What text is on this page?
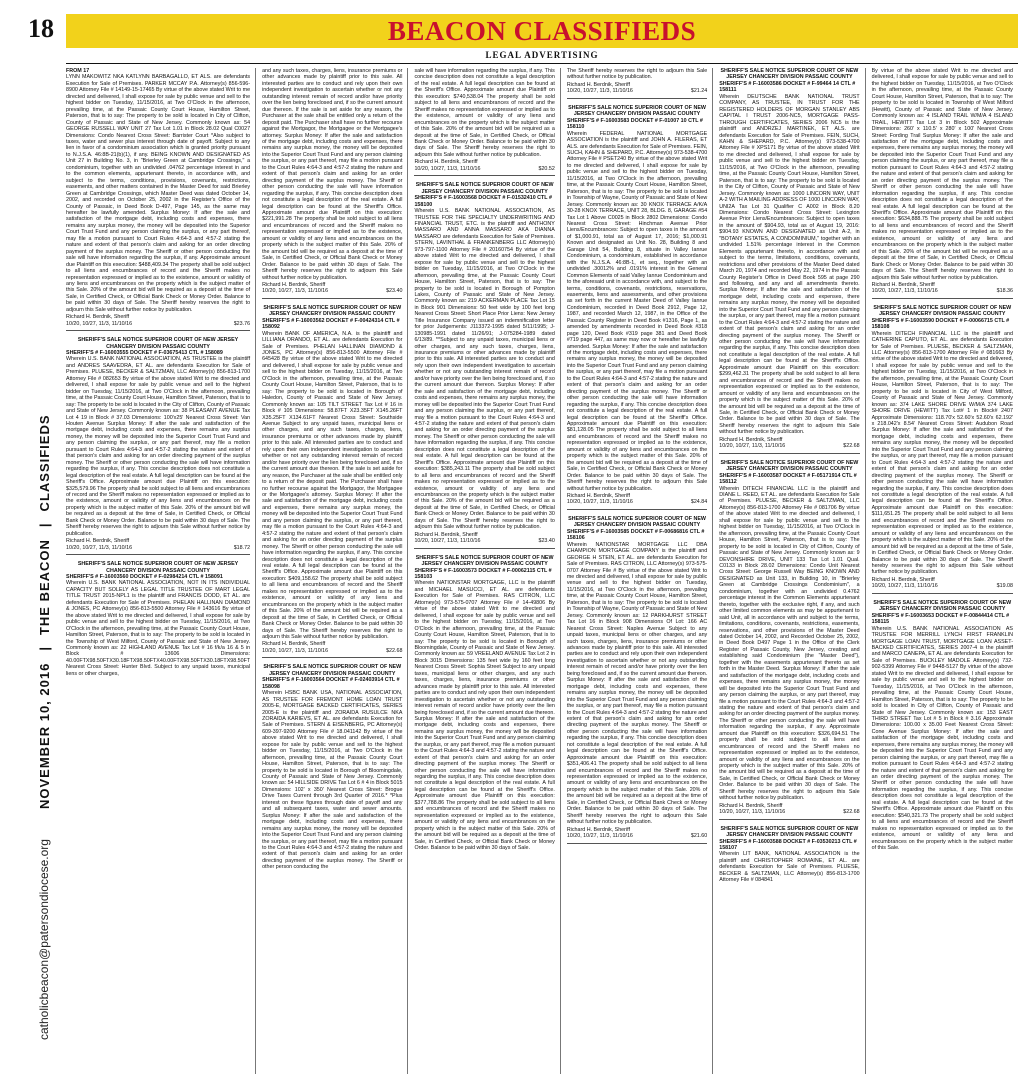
18
catholicbeacon@patersondiocese.org
NOVEMBER 10, 2016
|
THE BEACON
|
CLASSIFIEDS
BEACON CLASSIFIEDS
LEGAL ADVERTISING
FROM 17
LYNN MAKOWITZ NKA KATLYNN BARBAGALLO, ET ALS. are defendants Execution for Sale of Premises. PARKER MCCAY P.A. Attorney(s) 856-596-8900 Attorney File # 14149-15-17465 By virtue of the above stated Writ to me directed and delivered, I shall expose for sale by public venue and sell to the highest bidder on Tuesday, 11/15/2016, at Two O'Clock in the afternoon, prevailing time, at the Passaic County Court House, Hamilton Street, Paterson, that is to say: The property to be sold is located in City of Clifton, County of Passaic and State of New Jersey. Commonly known as: 54 GEORGE RUSSELL WAY UNIT 27 Tax Lot 1.01 in Block 28.02 Qual C0027 Dimensions: Condo Nearest Cross Street: Barrister Court *Also subject to taxes, water and sewer plus interest through date of payoff. Subject to any lien in favor of a condominium association which is granted priority pursuant to N.J.S.A. 46:8B-21(b)(1), if any. BEING KNOWN AND DESIGNATED AS Unit 27 in Building No. 3, in "Brierley Green at Cambridge Crossings," a condominium, together with an undivided .04762 percentage interest in and to the common elements, appurtenant thereto, in accordance with, and subject to the terms, conditions, provisions, covenants, restrictions, easements, and other matters contained in the Master Deed for said Brierley Green at Cambridge Crossings, which Master Deed was dated October 14, 2002, and recorded on October 25, 2002 in the Register's Office of the County of Passaic, in Deed Book D-497, Page 145, as the same may hereafter be lawfully amended. Surplus Money: If after the sale and satisfaction of the mortgage debt, including costs and expenses, there remains any surplus money, the money will be deposited into the Superior Court Trust Fund and any person claiming the surplus, or any part thereof, may file a motion pursuant to Court Rules 4:64-3 and 4:57-2 stating the nature and extent of that person's claim and asking for an order directing payment of the surplus money. The Sheriff or other person conducting the sale will have information regarding the surplus, if any. Approximate amount due Plaintiff on this execution: $488,409.34 The property shall be sold subject to all liens and encumbrances of record and the Sheriff makes no representation expressed or implied as to the existence, amount or validity of any liens and encumbrances on the property which is the subject matter of this Sale. 20% of the amount bid will be required as a deposit at the time of Sale, in Certified Check, or Official Bank Check or Money Order. Balance to be paid within 30 days of Sale. The Sheriff hereby reserves the right to adjourn this Sale without further notice by publication.
Richard H. Berdnik, Sheriff
10/20, 10/27, 11/3, 11/10/16	$23.76
SHERIFF'S SALE NOTICE SUPERIOR COURT OF NEW JERSEY CHANCERY DIVISION PASSAIC COUNTY
SHERIFF'S # F-16003555 DOCKET # F-03675413 CTL # 158089
Wherein U.S. BANK NATIONAL ASSOCIATION, AS TRUSTEE is the plaintiff and ANDRES SAAVEDRA, ET AL. are defendants Execution for Sale of Premises. PLUESE, BECKER & SALTZMAN, LLC Attorney(s) 856-813-1700 Attorney File # 082653 By virtue of the above stated Writ to me directed and delivered, I shall expose for sale by public venue and sell to the highest bidder on Tuesday, 11/15/2016, at Two O'Clock in the afternoon, prevailing time, at the Passaic County Court House, Hamilton Street, Paterson, that is to say: The property to be sold is located in the City of Clifton, County of Passaic and State of New Jersey. Commonly known as: 38 PLEASANT AVENUE Tax Lot 4 19 in Block # 37.03 Dimensions: 100'x25' Nearest Cross Street: Van Houten Avenue Surplus Money: If after the sale and satisfaction of the mortgage debt, including costs and expenses, there remains any surplus money, the money will be deposited into the Superior Court Trust Fund and any person claiming the surplus, or any part thereof, may file a motion pursuant to Court Rules 4:64-3 and 4:57-2 stating the nature and extent of that person's claim and asking for an order directing payment of the surplus money. The Sheriff or other person conducting the sale will have information regarding the surplus, if any. This concise description does not constitute a legal description of the real estate. A full legal description can be found at the Sheriff's Office. Approximate amount due Plaintiff on this execution: $325,579.96 The property shall be sold subject to all liens and encumbrances of record and the Sheriff makes no representation expressed or implied as to the existence, amount or validity of any liens and encumbrances on the property which is the subject matter of this Sale. 20% of the amount bid will be required as a deposit at the time of Sale, in Certified Check, or Official Bank Check or Money Order. Balance to be paid within 30 days of Sale. The Sheriff hereby reserves the right to adjourn this Sale without further notice by publication.
Richard H. Berdnik, Sheriff
10/20, 10/27, 11/3, 11/10/16	$18.72
SHERIFF'S SALE NOTICE SUPERIOR COURT OF NEW JERSEY CHANCERY DIVISION PASSAIC COUNTY
SHERIFF'S # F-16003560 DOCKET # F-02984214 CTL # 158091
Wherein U.S. BANK NATIONAL ASSOCIATION, NOT IN ITS INDIVIDUAL CAPACITY BUT SOLELY AS LEGAL TITLE TRUSTEE OF MART LEGAL TITLE TRUST 2015-NPL1 is the plaintiff and FRANCIS DODD, ET AL. are defendants Execution for Sale of Premises. PHELAN HALLINAN DIAMOND & JONES, PC Attorney(s) 856-813-5500 Attorney File # 143616 By virtue of the above stated Writ to me directed and delivered, I shall expose for sale by public venue and sell to the highest bidder on Tuesday, 11/15/2016, at Two O'Clock in the afternoon, prevailing time, at the Passaic County Court House, Hamilton Street, Paterson, that is to say: The property to be sold is located in the Township of West Milford, County of Passaic and State of New Jersey. Commonly known as: 22 HIGHLAND AVENUE Tax Lot # 16 f/k/a 16 & 5 in Block # 13606 Dimensions: 40.00FTX98.50FTX30.18FTX98.50FTX40.00FTX98.50FTX30.18FTX98.50FT Nearest Cross Street: Hunter Blvd. Subject to any unpaid taxes, municipal liens or other charges,
and any such taxes, charges, liens, insurance premiums or other advances made by plaintiff prior to this sale. All interested parties are to conduct and rely upon their own independent investigation to ascertain whether or not any outstanding interest remain of record and/or have priority over the lien being foreclosed and, if so the current amount due thereon. If the sale is set aside for any reason, the Purchaser at the sale shall be entitled only a return of the deposit paid. The Purchaser shall have no further recourse against the Mortgagor, the Mortgagee or the Mortgagee's attorney. Surplus Money: If after the sale and satisfaction of the mortgage debt, including costs and expenses, there remains any surplus money, the money will be deposited into the Superior Court Trust Fund and any person claiming the surplus, or any part thereof, may file a motion pursuant to the Court Rules 4:64-3 and 4:57-2 stating the nature and extent of that person's claim and asking for an order directing payment of the surplus money. The Sheriff or other person conducting the sale will have information regarding the surplus, if any. This concise description does not constitute a legal description of the real estate. A full legal description can be found at the Sheriff's Office. Approximate amount due Plaintiff on this execution: $221,991.28 The property shall be sold subject to all liens and encumbrances of record and the Sheriff makes no representation expressed or implied as to the existence, amount or validity of any liens and encumbrances on the property which is the subject matter of this Sale. 20% of the amount bid will be required as a deposit at the time of Sale, in Certified Check, or Official Bank Check or Money Order. Balance to be paid within 30 days of Sale. The Sheriff hereby reserves the right to adjourn this Sale without further notice by publication.
Richard H. Berdnik, Sheriff
10/20, 10/27, 11/3, 11/10/16	$23.40
SHERIFF'S SALE NOTICE SUPERIOR COURT OF NEW JERSEY CHANCERY DIVISION PASSAIC COUNTY
SHERIFF'S # F-16003562 DOCKET # F-00424314 CTL # 158092
Wherein BANK OF AMERICA, N.A. is the plaintiff and LILLIANA ORANDO, ET AL. are defendants Execution for Sale of Premises. PHELAN HALLINAN DIAMOND & JONES, PC Attorney(s) 856-813-5500 Attorney File # 645428 By virtue of the above stated Writ to me directed and delivered, I shall expose for sale by public venue and sell to the highest bidder on Tuesday, 11/15/2016, at Two O'Clock in the afternoon, prevailing time, at the Passaic County Court House, Hamilton Street, Paterson, that is to say: The property to be sold is located in Borough of Haledon, County of Passaic and State of New Jersey. Commonly known as: 105 TILT STREET Tax Lot # 16 in Block # 105 Dimensions: 58.87FT X23.35FT X145.26FT X35.25FT X134.61FT Nearest Cross Street: Southside Avenue Subject to any unpaid taxes, municipal liens or other charges, and any such taxes, charges, liens, insurance premiums or other advances made by plaintiff prior to this sale. All interested parties are to conduct and rely upon their own independent investigation to ascertain whether or not any outstanding interest remain of record and/or have priority over the lien being foreclosed and, if so the current amount due thereon. If the sale is set aside for any reason, the Purchaser at the sale shall be entitled only to a return of the deposit paid. The Purchaser shall have no further recourse against the Mortgagor, the Mortgagee or the Mortgagee's attorney. Surplus Money: If after the sale and satisfaction of the mortgage debt, including costs and expenses, there remains any surplus money, the money will be deposited into the Superior Court Trust Fund and any person claiming the surplus, or any part thereof, may file a motion pursuant to the Court Rules 4:64-3 and 4:57-2 stating the nature and extent of that person's claim and asking for an order directing payment of the surplus money. The Sheriff or other person conducting the sale will have information regarding the surplus, if any. This concise description does not constitute a legal description of the real estate. A full legal description can be found at the Sheriff's Office. Approximate amount due Plaintiff on this execution: $409,158.62 The property shall be sold subject to all liens and encumbrances of record and the Sheriff makes no representation expressed or implied as to the existence, amount or validity of any liens and encumbrances on the property which is the subject matter of this Sale. 20% of the amount bid will be required as a deposit at the time of Sale, in Certified Check, or Official Bank Check or Money Order. Balance to be paid within 30 days of Sale. The Sheriff hereby reserves the right to adjourn this Sale without further notice by publication.
Richard H. Berdnik, Sheriff
10/20, 10/27, 11/3, 11/10/16	$22.68
SHERIFF'S SALE NOTICE SUPERIOR COURT OF NEW JERSEY CHANCERY DIVISION PASSAIC COUNTY
SHERIFF'S # F-16003564 DOCKET # F-02403914 CTL # 158098
Wherein HSBC BANK USA, NATIONAL ASSOCIATION, AS TRUSTEE FOR FREMONT HOME LOAN TRUST 2005-E, MORTGAGE BACKED CERTIFICATES, SERIES 2005-E is the plaintiff and ZORAIDA RUSULCE NKA ZORAIDA KARIEVS, ET AL. are defendants Execution for Sale of Premises. STERN & EISENBERG, PC Attorney(s) 609-397-9200 Attorney File # 18.041142 By virtue of the above stated Writ to me directed and delivered, I shall expose for sale by public venue and sell to the highest bidder on Tuesday, 11/15/2016, at Two O'Clock in the afternoon, prevailing time, at the Passaic County Court House, Hamilton Street, Paterson, that is to say: The property to be sold is located in Borough of Bloomingdale, County of Passaic and State of New Jersey. Commonly known as: 54 HILLSIDE DRIVE Tax Lot 6 # 4 in Block 5015 Dimensions: 102' x 350' Nearest Cross Street: Brogue Drive Taxes Current through 3rd Quarter of 2016.* *Plus interest on these figures through date of payoff and any and all subsequent taxes, water and sewer amounts. Surplus Money: If after the sale and satisfaction of the mortgage debt, including costs and expenses, there remains any surplus money, the money will be deposited into the Superior Court Trust Fund and any person claiming the surplus, or any part thereof, may file a motion pursuant to the Court Rules 4:64-3 and 4:57-2 stating the nature and extent of that person's claim and asking for an order directing payment of the surplus money. The Sheriff or other person conducting the
sale will have information regarding the surplus, if any. This concise description does not constitute a legal description of the real estate. A full legal description can be found at the Sheriff's Office. Approximate amount due Plaintiff on this execution: $740,538.04 The property shall be sold subject to all liens and encumbrances of record and the Sheriff makes no representation expressed or implied as to the existence, amount or validity of any liens and encumbrances on the property which is the subject matter of this Sale. 20% of the amount bid will be required as a deposit at the time of Sale, in Certified Check, or Official Bank Check or Money Order. Balance to be paid within 30 days of Sale. The Sheriff hereby reserves the right to adjourn this Sale without further notice by publication.
Richard H. Berdnik, Sheriff
10/20, 10/27, 11/3, 11/10/16	$20.52
SHERIFF'S SALE NOTICE SUPERIOR COURT OF NEW JERSEY CHANCERY DIVISION PASSAIC COUNTY
SHERIFF'S # F-16003568 DOCKET # F-01532410 CTL # 158100
Wherein U.S. BANK NATIONAL ASSOCIATION, AS TRUSTEE FOR THE SPECIALTY UNDERWRITING AND FINANCIAL TRUST, ETC. is the plaintiff and ANTHONY MASSARO AND ANNA MASSARO AKA DIANNA MASSARO are defendants Execution for Sale of Premises. STERN, LAVINTHAL & FRANKENBERG LLC Attorney(s) 973-797-1100 Attorney File # 20160754 By virtue of the above stated Writ to me directed and delivered, I shall expose for sale by public venue and sell to the highest bidder on Tuesday, 11/15/2016, at Two O'Clock in the afternoon, prevailing time, at the Passaic County Court House, Hamilton Street, Paterson, that is to say: The property to be sold is located in Borough of Pompton Lakes, County of Passaic and State of New Jersey. Commonly known as: 219 ACKERMAN PLACE Tax Lot 15 in Block 901 Dimensions: 50 feet wide by 100 feet long Nearest Cross Street: Short Place Prior Liens: New Jersey Title Insurance Company issued an indemnification letter for prior Judgements: J113372-1995 dated 5/11/1995; J-130985-1991 dated 11/26/91; J-075284-1989 dated 6/13/89. **Subject to any unpaid taxes, municipal liens or other charges, and any such taxes, charges, liens, insurance premiums or other advances made by plaintiff prior to this sale. All interested parties are to conduct and rely upon their own independent investigation to ascertain whether or not any outstanding interest remain of record and/or have priority over the lien being foreclosed and, if so the current amount due thereon. Surplus Money: If after the sale and satisfaction of the mortgage debt, including costs and expenses, there remains any surplus money, the money will be deposited into the Superior Court Trust Fund and any person claiming the surplus, or any part thereof, may file a motion pursuant to the Court Rules 4:64-3 and 4:57-2 stating the nature and extent of that person's claim and asking for an order directing payment of the surplus money. The Sheriff or other person conducting the sale will have information regarding the surplus, if any. This concise description does not constitute a legal description of the real estate. A full legal description can be found at the Sheriff's Office. Approximate amount due Plaintiff on this execution: $385,243.11 The property shall be sold subject to all liens and encumbrances of record and the Sheriff makes no representation expressed or implied as to the existence, amount or validity of any liens and encumbrances on the property which is the subject matter of this Sale. 20% of the amount bid will be required as a deposit at the time of Sale, in Certified Check, or Official Bank Check or Money Order. Balance to be paid within 30 days of Sale. The Sheriff hereby reserves the right to adjourn this Sale without further notice by publication.
Richard H. Berdnik, Sheriff
10/20, 10/27, 11/3, 11/10/16	$23.40
SHERIFF'S SALE NOTICE SUPERIOR COURT OF NEW JERSEY CHANCERY DIVISION PASSAIC COUNTY
SHERIFF'S # F-16003573 DOCKET # F-00062115 CTL # 158103
Wherein NATIONSTAR MORTGAGE, LLC is the plaintiff and MICHAEL MASUCCI, ET AL. are defendants Execution for Sale of Premises. RAS CITRON, LLC Attorney(s) 973-575-0707 Attorney File # 14-49806 By virtue of the above stated Writ to me directed and delivered, I shall expose for sale by public venue and sell to the highest bidder on Tuesday, 11/15/2016, at Two O'Clock in the afternoon, prevailing time, at the Passaic County Court House, Hamilton Street, Paterson, that is to say: The property to be sold is located in Borough of Bloomingdale, County of Passaic and State of New Jersey. Commonly known as: 59 VREELAND AVENUE Tax Lot 2 in Block 3015 Dimensions: 135 feet wide by 160 feet long Nearest Cross Street: Sophia Street Subject to any unpaid taxes, municipal liens or other charges, and any such taxes, charges, liens, insurance premiums or other advances made by plaintiff prior to this sale. All interested parties are to conduct and rely upon their own independent investigation to ascertain whether or not any outstanding interest remain of record and/or have priority over the lien being foreclosed and, if so the current amount due thereon. Surplus Money: If after the sale and satisfaction of the mortgage debt, including costs and expenses, there remains any surplus money, the money will be deposited into the Superior Court Trust Fund and any person claiming the surplus, or any part thereof, may file a motion pursuant to the Court Rules 4:64-3 and 4:57-2 stating the nature and extent of that person's claim and asking for an order directing payment of the surplus money. The Sheriff or other person conducting the sale will have information regarding the surplus, if any. This concise description does not constitute a legal description of the real estate. A full legal description can be found at the Sheriff's Office. Approximate amount due Plaintiff on this execution: $377,788.86 The property shall be sold subject to all liens and encumbrances of record and the Sheriff makes no representation expressed or implied as to the existence, amount or validity of any liens and encumbrances on the property which is the subject matter of this Sale. 20% of the amount bid will be required as a deposit at the time of Sale, in Certified Check, or Official Bank Check or Money Order. Balance to be paid within 30 days of Sale.
The Sheriff hereby reserves the right to adjourn this Sale without further notice by publication.
Richard H. Berdnik, Sheriff
10/20, 10/27, 11/3, 11/10/16	$21.24
SHERIFF'S SALE NOTICE SUPERIOR COURT OF NEW JERSEY CHANCERY DIVISION PASSAIC COUNTY
SHERIFF'S # F-16003583 DOCKET # F-01007 10 CTL # 158110
Wherein FEDERAL NATIONAL MORTGAGE ASSOCIATION is the plaintiff and JOHN A. FILERAS, ET ALS. are defendants Execution for Sale of Premises. FEIN, SUCH, KAHN & SHEPARD, P.C. Attorney(s) 973-538-4700 Attorney File # PSET240 By virtue of the above stated Writ to me directed and delivered, I shall expose for sale by public venue and sell to the highest bidder on Tuesday, 11/15/2016, at Two O'Clock in the afternoon, prevailing time, at the Passaic County Court House, Hamilton Street, Paterson, that is to say: The property to be sold is located in Township of Wayne, County of Passaic and State of New Jersey. Commonly known as: 30 KNOX TERRACE A/K/A 30-28 KNOX TERRACE, UNIT 28, BLDG. 8, GARAGE #54 Tax Lot 1 Above C0025 in Block 2802 Dimensions: Condo Nearest Cross Street: Hinchman Avenue Prior Liens/Encumbrances: Subject to open taxes in the amount of $1,000.91, total as of August 17, 2016; $1,000.91 Known and designated as Unit No. 28, Building 8 and Garage Unit 54, Building 8, situate in Valley Ianrue Condominium, a condominium, established in accordance with the N.J.S.A. 46:8B-1, et seq., together with an undivided .30012% and .0191% interest in the General Common Elements of said Valley Ianrue Condominium and to the aforesaid unit in accordance with, and subject to the terms, conditions, covenants, restrictions, reservations, easements, liens and assessments, and other provisions as set forth in the current Master Deed of Valley Ianrue Condominium, recorded in Deed Book 2912, Page 12, 1987, and recorded March 12, 1987, in the Office of the Passaic County Register in Deed Book #1316, Page 1, as amended by amendments recorded in Deed Book #318 page 120, Deed Book #319 page 381 and Deed Book #719 page 447, as same may now or hereafter be lawfully amended. Surplus Money: If after the sale and satisfaction of the mortgage debt, including costs and expenses, there remains any surplus money, the money will be deposited into the Superior Court Trust Fund and any person claiming the surplus, or any part thereof, may file a motion pursuant to the Court Rules 4:64-3 and 4:57-2 stating the nature and extent of that person's claim and asking for an order directing payment of the surplus money. The Sheriff or other person conducting the sale will have information regarding the surplus, if any. This concise description does not constitute a legal description of the real estate. A full legal description can be found at the Sheriff's Office. Approximate amount due Plaintiff on this execution: $81,128.05 The property shall be sold subject to all liens and encumbrances of record and the Sheriff makes no representation expressed or implied as to the existence, amount or validity of any liens and encumbrances on the property which is the subject matter of this Sale. 20% of the amount bid will be required as a deposit at the time of Sale, in Certified Check, or Official Bank Check or Money Order. Balance to be paid within 30 days of Sale. The Sheriff hereby reserves the right to adjourn this Sale without further notice by publication.
Richard H. Berdnik, Sheriff
10/20, 10/27, 11/3, 11/10/16	$24.84
SHERIFF'S SALE NOTICE SUPERIOR COURT OF NEW JERSEY CHANCERY DIVISION PASSAIC COUNTY
SHERIFF'S # F-16003585 DOCKET # F-00686816 CTL # 158106
Wherein NATIONSTAR MORTGAGE LLC DBA CHAMPION MORTGAGE COMPANY is the plaintiff and GEORGE H STEIN, ET AL. are defendants Execution for Sale of Premises. RAS CITRON, LLC Attorney(s) 973-575-0707 Attorney File # By virtue of the above stated Writ to me directed and delivered, I shall expose for sale by public venue and sell to the highest bidder on Tuesday, 11/15/2016, at Two O'Clock in the afternoon, prevailing time, at the Passaic County Court House, Hamilton Street, Paterson, that is to say: The property to be sold is located in Township of Wayne, County of Passaic and State of New Jersey. Commonly known as: 12 PARKHURST STREET Tax Lot 16 in Block 908 Dimensions Of Lot: 166 AC Nearest Cross Street: Naples Avenue Subject to any unpaid taxes, municipal liens or other charges, and any such taxes, charges, liens, insurance premiums or other advances made by plaintiff prior to this sale. All interested parties are to conduct and rely upon their own independent investigation to ascertain whether or not any outstanding interest remain of record and/or have priority over the lien being foreclosed and, if so the current amount due thereon. Surplus Money: If after the sale and satisfaction of the mortgage debt, including costs and expenses, there remains any surplus money, the money will be deposited into the Superior Court Trust Fund and any person claiming the surplus, or any part thereof, may file a motion pursuant to the Court Rules 4:64-3 and 4:57-2 stating the nature and extent of that person's claim and asking for an order directing payment of the surplus money. The Sheriff or other person conducting the sale will have information regarding the surplus, if any. This concise description does not constitute a legal description of the real estate. A full legal description can be found at the Sheriff's Office. Approximate amount due Plaintiff on this execution: $351,406.41 The property shall be sold subject to all liens and encumbrances of record and the Sheriff makes no representation expressed or implied as to the existence, amount or validity of any liens and encumbrances on the property which is the subject matter of this Sale. 20% of the amount bid will be required as a deposit at the time of Sale, in Certified Check, or Official Bank Check or Money Order. Balance to be paid within 30 days of Sale. The Sheriff hereby reserves the right to adjourn this Sale without further notice by publication.
Richard H. Berdnik, Sheriff
10/20, 10/27, 11/3, 11/10/16	$21.60
SHERIFF'S SALE NOTICE SUPERIOR COURT OF NEW JERSEY CHANCERY DIVISION PASSAIC COUNTY
SHERIFF'S # F-16003586 DOCKET # F-99464 14 CTL # 158111
Wherein DEUTSCHE BANK NATIONAL TRUST COMPANY, AS TRUSTEE, IN TRUST FOR THE REGISTERED HOLDERS OF MORGAN STANLEY ABS CAPITAL I TRUST 2006-NC5, MORTGAGE PASS-THROUGH CERTIFICATES, SERIES 2006 NC5 is the plaintiff and ANDRZEJ MARTINEK, ET ALS. are defendants Execution for Sale of Premises. FEIN, SUCH, KAHN & SHEPARD, P.C. Attorney(s) 973-538-4700 Attorney File # XPS171 By virtue of the above stated Writ to me directed and delivered, I shall expose for sale by public venue and sell to the highest bidder on Tuesday, 11/15/2016, at Two O'Clock in the afternoon, prevailing time, at the Passaic County Court House, Hamilton Street, Paterson, that is to say: The property to be sold is located in the City of Clifton, County of Passaic and State of New Jersey. Commonly known as: 1000 LINCORN WAY, UNIT A-2 WITH A MAILING ADDRESS OF 1000 LINCORN WAY, UNI2A Tax Lot 31 Qualifier C A002 in Block 8.20 Dimensions: Condo Nearest Cross Street: Lexington Avenue Prior Liens/Encumbrances: Subject to open taxes in the amount of $904.93, total as of August 19, 2016: $904.93 KNOWN AND DESIGNATED as Unit A-2, in "BOTANY ESTATES, A CONDOMINIUM," together with an undivided 1.51% percentage interest in the Common Elements appurtenant thereto, in accordance with and subject to the terms, limitations, conditions, covenants, restrictions and other provisions of the Master Deed dated March 20, 1974 and recorded May 22, 1974 in the Passaic County Register's Office in Deed Book 595 at page 290 and following, and any and all amendments thereto. Surplus Money: If after the sale and satisfaction of the mortgage debt, including costs and expenses, there remains any surplus money, the money will be deposited into the Superior Court Trust Fund and any person claiming the surplus, or any part thereof, may file a motion pursuant to the Court Rules 4:64-3 and 4:57-2 stating the nature and extent of that person's claim and asking for an order directing payment of the surplus money. The Sheriff or other person conducting the sale will have information regarding the surplus, if any. This concise description does not constitute a legal description of the real estate. A full legal description can be found at the Sheriff's Office. Approximate amount due Plaintiff on this execution: $299,462.31 The property shall be sold subject to all liens and encumbrances of record and the Sheriff makes no representation expressed or implied as to the existence, amount or validity of any liens and encumbrances on the property which is the subject matter of this Sale. 20% of the amount bid will be required as a deposit at the time of Sale, in Certified Check, or Official Bank Check or Money Order. Balance to be paid within 30 days of Sale. The Sheriff hereby reserves the right to adjourn this Sale without further notice by publication.
Richard H. Berdnik, Sheriff
10/20, 10/27, 11/3, 11/10/16	$22.68
SHERIFF'S SALE NOTICE SUPERIOR COURT OF NEW JERSEY CHANCERY DIVISION PASSAIC COUNTY
SHERIFF'S # F-16003587 DOCKET # F-05171914 CTL # 158112
Wherein DITECH FINANCIAL LLC is the plaintiff and DIANE L. REED, ET AL. are defendants Execution for Sale of Premises. PLUESE, BECKER & SALTZMAN, LLC Attorney(s) 856-813-1700 Attorney File # 081706 By virtue of the above stated Writ to me directed and delivered, I shall expose for sale by public venue and sell to the highest bidder on Tuesday, 11/15/2016, at Two O'Clock in the afternoon, prevailing time, at the Passaic County Court House, Hamilton Street, Paterson, that is to say: The property to be sold is located in City of Clifton, County of Passaic and State of New Jersey. Commonly known as: 9 DEVONSHIRE DRIVE, UNIT 133 Tax Lot 1.01 Qual. C0133 in Block 28.02 Dimensions: Condo Unit Nearest Cross Street: George Russell Way BEING KNOWN AND DESIGNATED as Unit 133, in Building 10, in "Brierley Green at Cambridge Crossings Condominium", a condominium, together with an undivided 0.4762 percentage interest in the Common Elements appurtenant thereto, together with the exclusive right, if any, and such other limited common elements as may be appurtenant to said Unit, all in accordance with and subject to the terms, limitations, conditions, covenants, restrictions, easements, reservations, and other provisions of the Master Deed dated October 14, 2002, and Recorded October 25, 2002, in Deed Book D497 Page 1 in the Office of the Clerk Register of Passaic County, New Jersey, creating and establishing said Condominium (the "Master Deed"), together with the easements appurtenant thereto as set forth in the Master Deed. Surplus Money: If after the sale and satisfaction of the mortgage debt, including costs and expenses, there remains any surplus money, the money will be deposited into the Superior Court Trust Fund and any person claiming the surplus, or any part thereof, may file a motion pursuant to the Court Rules 4:64-3 and 4:57-2 stating the nature and extent of that person's claim and asking for an order directing payment of the surplus money. The Sheriff or other person conducting the sale will have information regarding the surplus, if any. Approximate amount due Plaintiff on this execution: $326,694.51 The property shall be sold subject to all liens and encumbrances of record and the Sheriff makes no representation expressed or implied as to the existence, amount or validity of any liens and encumbrances on the property which is the subject matter of this Sale. 20% of the amount bid will be required as a deposit at the time of Sale, in Certified Check, or Official Bank Check or Money Order. Balance to be paid within 30 days of Sale. The Sheriff hereby reserves the right to adjourn this Sale without further notice by publication.
Richard H. Berdnik, Sheriff
10/20, 10/27, 11/3, 11/10/16	$22.68
SHERIFF'S SALE NOTICE SUPERIOR COURT OF NEW JERSEY CHANCERY DIVISION PASSAIC COUNTY
SHERIFF'S # F-16003588 DOCKET # F-03530213 CTL # 158107
Wherein LIT BANK, NATIONAL ASSOCIATION is the plaintiff and CHRISTOPHER ROMAINE, ET AL. are defendants Execution for Sale of Premises. PLUESE, BECKER & SALTZMAN, LLC Attorney(s) 856-813-1700 Attorney File # 084841
By virtue of the above stated Writ to me directed and delivered, I shall expose for sale by public venue and sell to the highest bidder on Tuesday, 11/15/2016, at Two O'Clock in the afternoon, prevailing time, at the Passaic County Court House, Hamilton Street, Paterson, that is to say: The property to be sold is located in Township of West Milford (Hewitt), County of Passaic and State of New Jersey. Commonly known as: 4 ISLAND TRAIL W/M/A 4 ISLAND TRAIL, HEWITT Tax Lot 3 in Block 502 Approximate Dimensions: 260' x 110.5' x 280' x 100' Nearest Cross Street: Fording Trail Surplus Money: If after the sale and satisfaction of the mortgage debt, including costs and expenses, there remains any surplus money, the money will be deposited into the Superior Court Trust Fund and any person claiming the surplus, or any part thereof, may file a motion pursuant to Court Rules 4:64-3 and 4:57-2 stating the nature and extent of that person's claim and asking for an order directing payment of the surplus money. The Sheriff or other person conducting the sale will have information regarding the surplus, if any. This concise description does not constitute a legal description of the real estate. A full legal description can be found at the Sheriff's Office. Approximate amount due Plaintiff on this execution: $634,888.75 The property shall be sold subject to all liens and encumbrances of record and the Sheriff makes no representation expressed or implied as to the existence, amount or validity of any liens and encumbrances on the property which is the subject matter of this Sale. 20% of the amount bid will be required as a deposit at the time of Sale, in Certified Check, or Official Bank Check or Money Order. Balance to be paid within 30 days of Sale. The Sheriff hereby reserves the right to adjourn this Sale without further notice by publication.
Richard H. Berdnik, Sheriff
10/20, 10/27, 11/3, 11/10/16	$18.36
SHERIFF'S SALE NOTICE SUPERIOR COURT OF NEW JERSEY CHANCERY DIVISION PASSAIC COUNTY
SHERIFF'S # F-16003590 DOCKET # F-00066715 CTL # 158108
Wherein DITECH FINANCIAL LLC is the plaintiff and CATHERINE CAPUTO, ET AL. are defendants Execution for Sale of Premises. PLUESE, BECKER & SALTZMAN, LLC Attorney(s) 856-813-1700 Attorney File # 081663 By virtue of the above stated Writ to me directed and delivered, I shall expose for sale by public venue and sell to the highest bidder on Tuesday, 11/15/2016, at Two O'Clock in the afternoon, prevailing time, at the Passaic County Court House, Hamilton Street, Paterson, that is to say: The property to be sold is located in City of West Milford, County of Passaic and State of New Jersey. Commonly known as: 374 LAKE SHORE DRIVE W/M/A 374 LAKE SHORE DRIVE (HEWITT) Tax Lot# 1 in Block# 2407 Approximate Dimensions: 118.70'x 52.60'x 52.60'x 62.192' x 218.042'x 8.54' Nearest Cross Street: Audubon Road Surplus Money: If after the sale and satisfaction of the mortgage debt, including costs and expenses, there remains any surplus money, the money will be deposited into the Superior Court Trust Fund and any person claiming the surplus, or any part thereof, may file a motion pursuant to Court Rules 4:64-3 and 4:57-2 stating the nature and extent of that person's claim and asking for an order directing payment of the surplus money. The Sheriff or other person conducting the sale will have information regarding the surplus, if any. This concise description does not constitute a legal description of the real estate. A full legal description can be found at the Sheriff's Office. Approximate amount due Plaintiff on this execution: $111,651.25 The property shall be sold subject to all liens and encumbrances of record and the Sheriff makes no representation expressed or implied as to the existence, amount or validity of any liens and encumbrances on the property which is the subject matter of this Sale. 20% of the amount bid will be required as a deposit at the time of Sale, in Certified Check, or Official Bank Check or Money Order. Balance to be paid within 30 days of Sale. The Sheriff hereby reserves the right to adjourn this Sale without further notice by publication.
Richard H. Berdnik, Sheriff
10/20, 10/27, 11/3, 11/10/16	$19.08
SHERIFF'S SALE NOTICE SUPERIOR COURT OF NEW JERSEY CHANCERY DIVISION PASSAIC COUNTY
SHERIFF'S # F-16003653 DOCKET # F-00844414 CTL # 158115
Wherein U.S. BANK NATIONAL ASSOCIATION AS TRUSTEE FOR MERRILL LYNCH FIRST FRANKLIN MORTGAGE LOAN TRUST, MORTGAGE LOAN ASSET-BACKED CERTIFICATES, SERIES 2007-4 is the plaintiff and MARCO CANEPA, ET AL are defendants Execution for Sale of Premises. BUCKLEY MADOLE Attorney(s) 732-902-5399 Attorney File # 9448-5127 By virtue of the above stated Writ to me directed and delivered, I shall expose for sale by public venue and sell to the highest bidder on Tuesday, 11/15/2016, at Two O'Clock in the afternoon, prevailing time, at the Passaic County Court House, Hamilton Street, Paterson, that is to say: The property to be sold is located in City of Clifton, County of Passaic and State of New Jersey. Commonly known as: 153 EAST THIRD STREET Tax Lot # 5 in Block # 3.16 Approximate Dimensions: 100.00 x 35.00 Feet Nearest Cross Street: Cone Avenue Surplus Money: If after the sale and satisfaction of the mortgage debt, including costs and expenses, there remains any surplus money, the money will be deposited into the Superior Court Trust Fund and any person claiming the surplus, or any part thereof, may file a motion pursuant to Court Rules 4:64-3 and 4:57-2 stating the nature and extent of that person's claim and asking for an order directing payment of the surplus money. The Sheriff or other person conducting the sale will have information regarding the surplus, if any. This concise description does not constitute a legal description of the real estate. A full legal description can be found at the Sheriff's Office. Approximate amount due Plaintiff on this execution: $540,321.73 The property shall be sold subject to all liens and encumbrances of record and the Sheriff makes no representation expressed or implied as to the existence, amount or validity of any liens and encumbrances on the property which is the subject matter of this Sale.
